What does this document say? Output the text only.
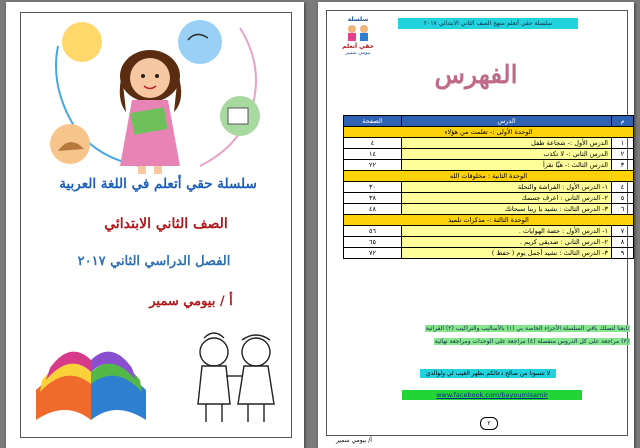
سلسلة حقي أتعلم في اللغة العربية
الصف الثاني الابتدائي
الفصل الدراسي الثاني ٢٠١٧
أ / بيومي سمير
سلسلة
حقي أتعلم
بيومي سمير
سلسلة حقي أتعلم منهج الصف الثاني الابتدائي ٢٠١٧
الفهرس
م	الدرس	الصفحة
الوحدة الأولى :- تعلمت من هؤلاء		
١	الدرس الأول :- شجاعة طفل	٤
٢	الدرس الثاني :- لا تكذب	١٤
٣	الدرس الثالث :- هيَّا نقرأ	٢٢
الوحدة الثانية : مخلوقات الله		
٤	١- الدرس الأول : الفراشة والنحلة	٣٠
٥	٢- الدرس الثاني : اعرف جسمك	٣٨
٦	٣- الدرس الثالث : نشيد يا ربنا سبحانك	٤٨
الوحدة الثالثة :- مذكرات تلميذ		
٧	١- الدرس الأول : حصة الهوايات .	٥٦
٨	٢- الدرس الثاني : صديقي كريم .	٦٥
٩	٣- الدرس الثالث : نشيد أجمل يوم ( حفظ )	٧٢
تابعنا لتصلك باقي السلسلة الأجزاء الخاصة بي (١) بالأساليب والتراكيب (٢) القرائية
(٣) مراجعة على كل الدروس منفصلة (٤) مراجعة على الوحدات ومراجعة نهائية
لا تنسونا من صالح دعائكم بظهر الغيب لي ولوالدي
www.facebook.com/bayoumisamir
٢
أ/ بيومي سمير
